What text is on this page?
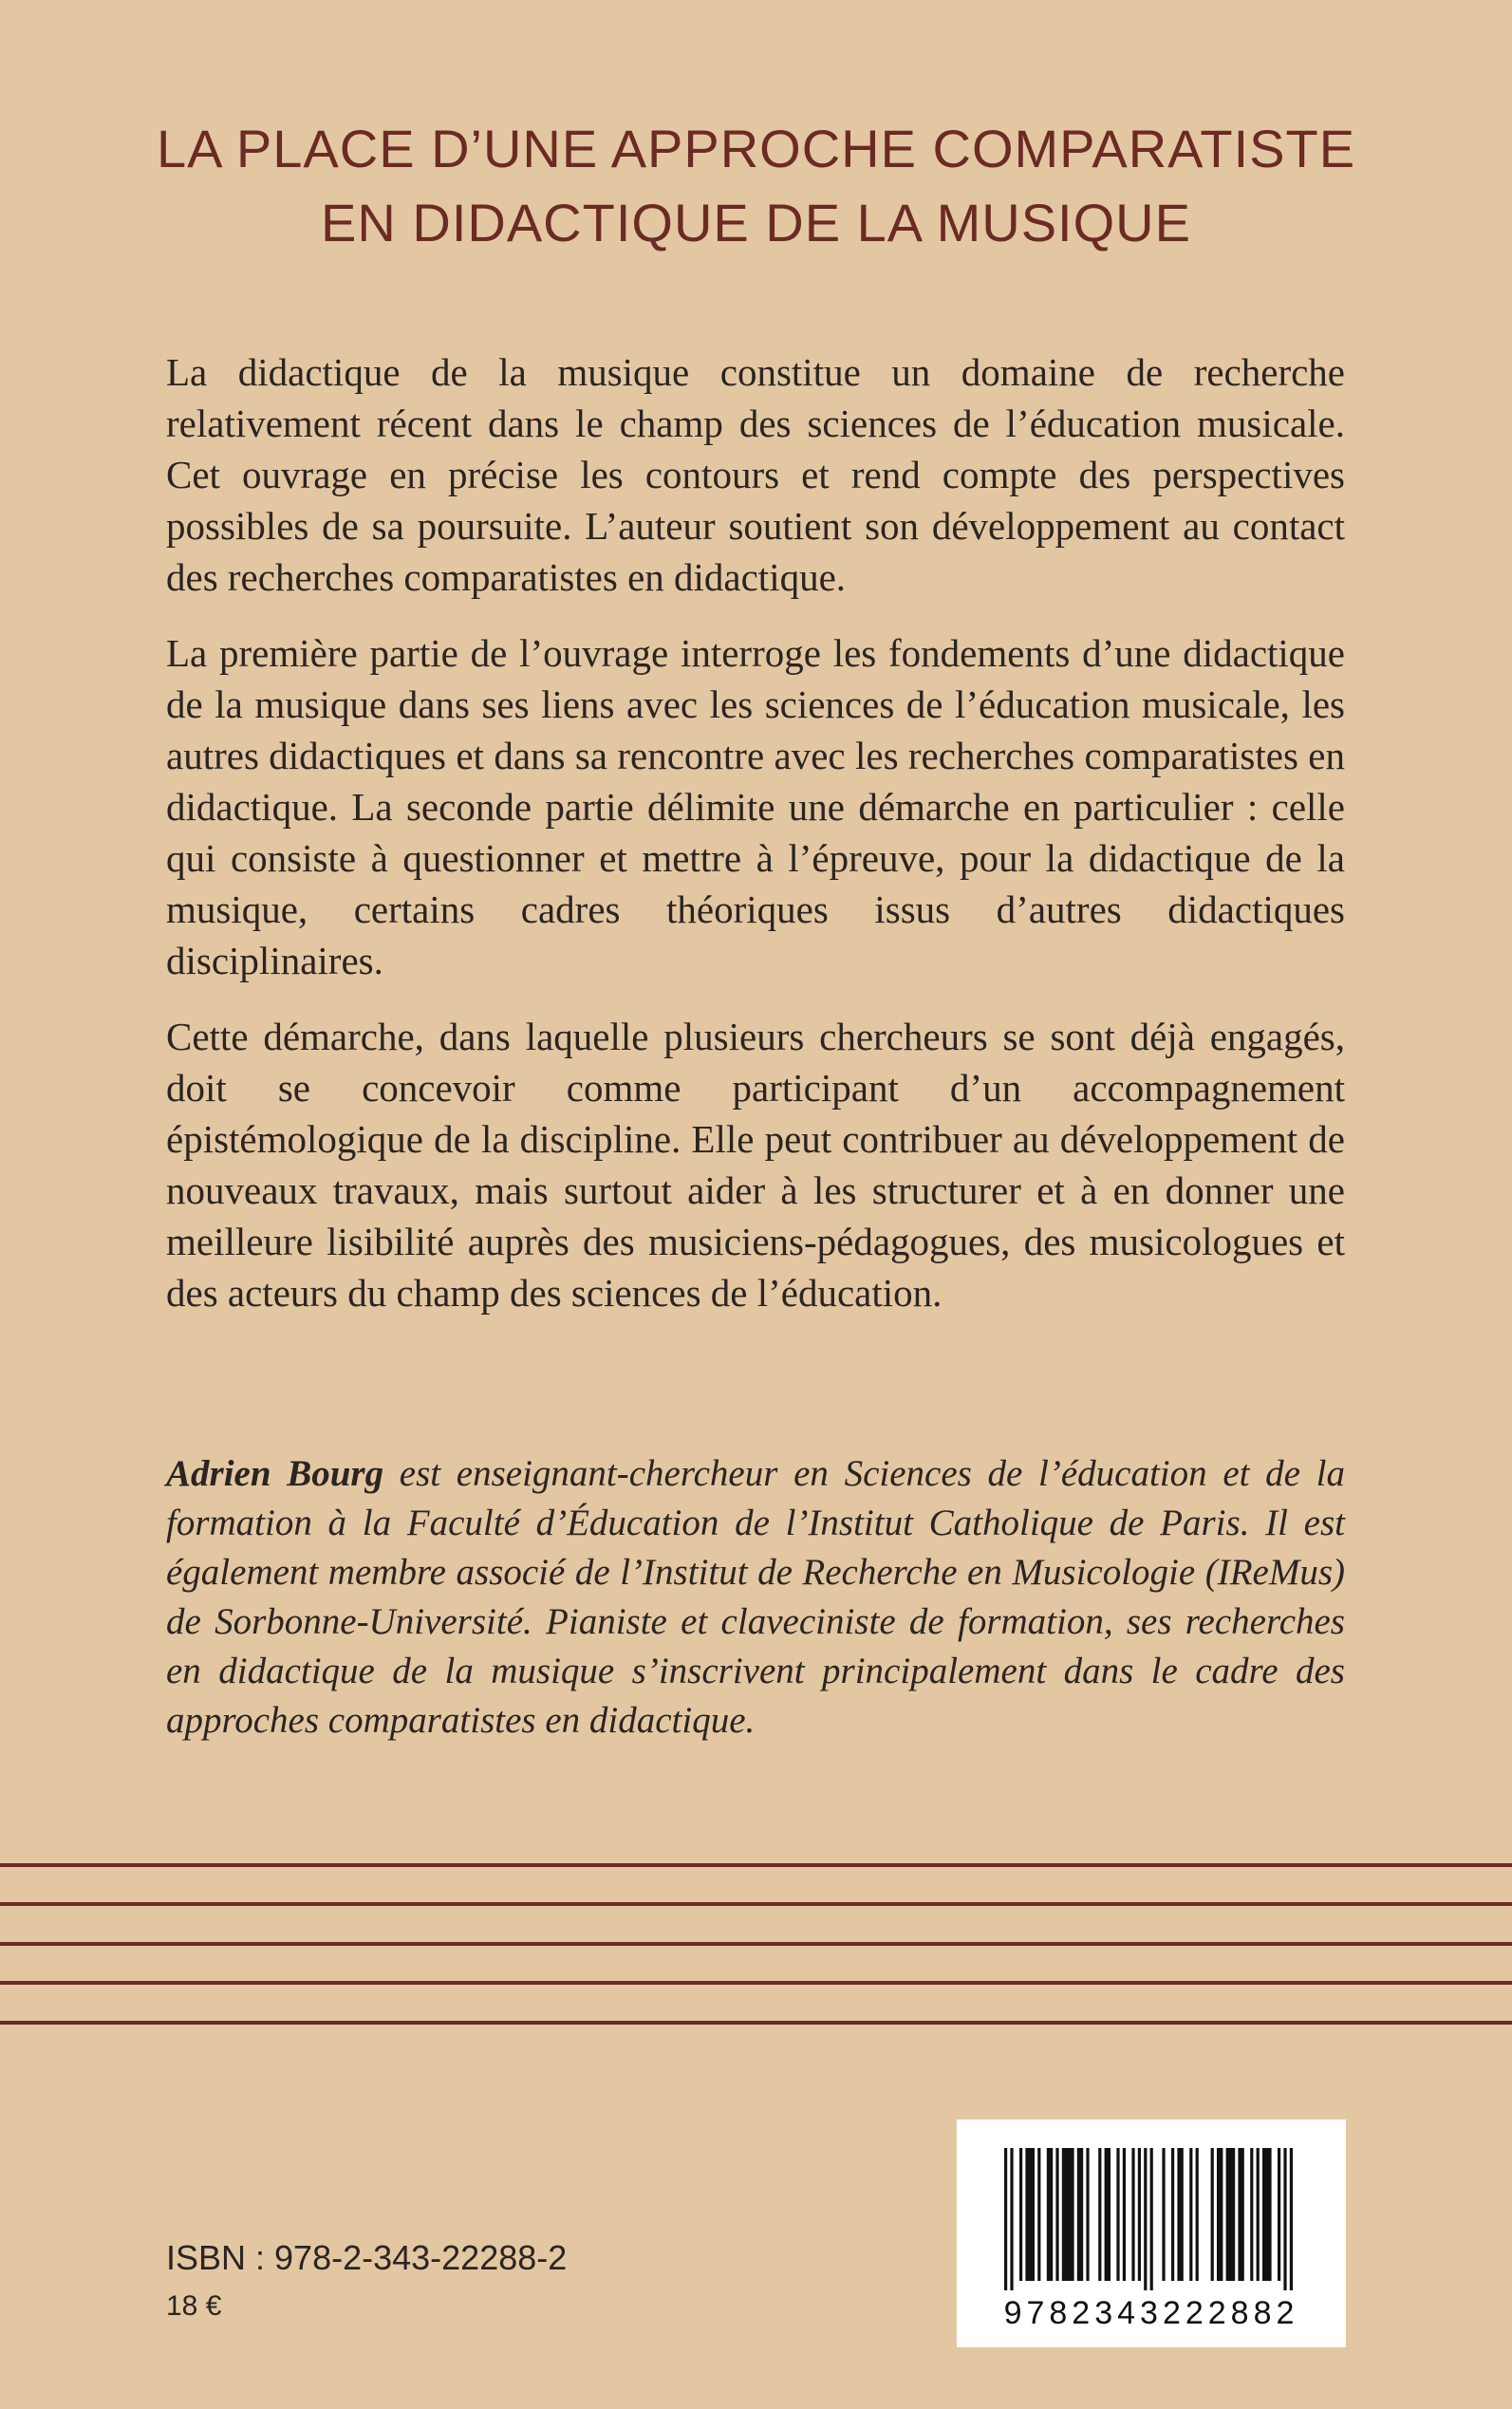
LA PLACE D’UNE APPROCHE COMPARATISTE
EN DIDACTIQUE DE LA MUSIQUE

La didactique de la musique constitue un domaine de recherche relativement récent dans le champ des sciences de l’éducation musicale. Cet ouvrage en précise les contours et rend compte des perspectives possibles de sa poursuite. L’auteur soutient son développement au contact des recherches comparatistes en didactique.

La première partie de l’ouvrage interroge les fondements d’une didactique de la musique dans ses liens avec les sciences de l’éducation musicale, les autres didactiques et dans sa rencontre avec les recherches comparatistes en didactique. La seconde partie délimite une démarche en particulier : celle qui consiste à questionner et mettre à l’épreuve, pour la didactique de la musique, certains cadres théoriques issus d’autres didactiques disciplinaires.

Cette démarche, dans laquelle plusieurs chercheurs se sont déjà engagés, doit se concevoir comme participant d’un accompagnement épistémologique de la discipline. Elle peut contribuer au développement de nouveaux travaux, mais surtout aider à les structurer et à en donner une meilleure lisibilité auprès des musiciens-pédagogues, des musicologues et des acteurs du champ des sciences de l’éducation.

Adrien Bourg est enseignant-chercheur en Sciences de l’éducation et de la formation à la Faculté d’Éducation de l’Institut Catholique de Paris. Il est également membre associé de l’Institut de Recherche en Musicologie (IReMus) de Sorbonne-Université. Pianiste et claveciniste de formation, ses recherches en didactique de la musique s’inscrivent principalement dans le cadre des approches comparatistes en didactique.
ISBN : 978-2-343-22288-2
18 €	9782343222882
